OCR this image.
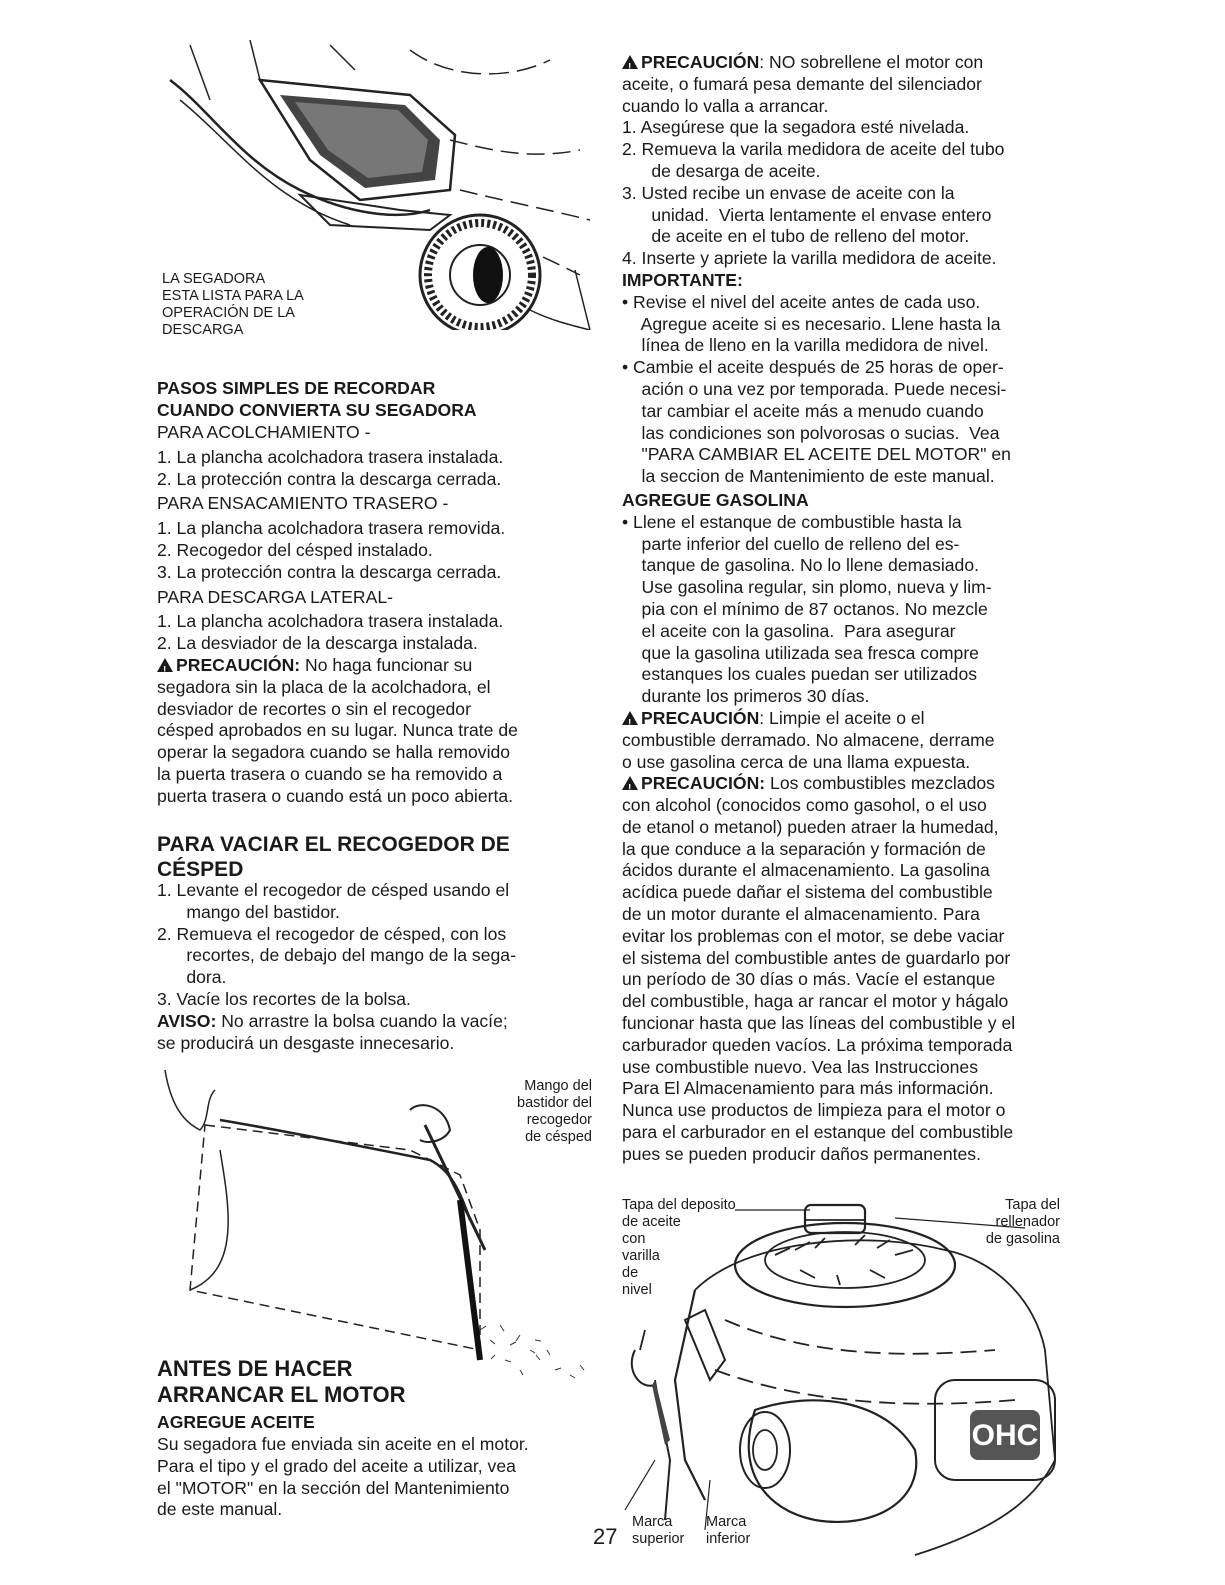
LA SEGADORA
ESTA LISTA PARA LA
OPERACIÓN DE LA
DESCARGA
PASOS SIMPLES DE RECORDAR
CUANDO CONVIERTA SU SEGADORA
PARA ACOLCHAMIENTO -
1. La plancha acolchadora trasera instalada.
2. La protección contra la descarga cerrada.
PARA ENSACAMIENTO TRASERO -
1. La plancha acolchadora trasera removida.
2. Recogedor del césped instalado.
3. La protección contra la descarga cerrada.
PARA DESCARGA LATERAL-
1. La plancha acolchadora trasera instalada.
2. La desviador de la descarga instalada.
!PRECAUCIÓN: No haga funcionar su
segadora sin la placa de la acolchadora, el
desviador de recortes o sin el recogedor
césped aprobados en su lugar. Nunca trate de
operar la segadora cuando se halla removido
la puerta trasera o cuando se ha removido a
puerta trasera o cuando está un poco abierta.
PARA VACIAR EL RECOGEDOR DE
CÉSPED
1. Levante el recogedor de césped usando el
mango del bastidor.
2. Remueva el recogedor de césped, con los
recortes, de debajo del mango de la sega-
dora.
3. Vacíe los recortes de la bolsa.
AVISO: No arrastre la bolsa cuando la vacíe;
se producirá un desgaste innecesario.
Mango del
bastidor del
recogedor
de césped
ANTES DE HACER
ARRANCAR EL MOTOR
AGREGUE ACEITE
Su segadora fue enviada sin aceite en el motor.
Para el tipo y el grado del aceite a utilizar, vea
el "MOTOR" en la sección del Mantenimiento
de este manual.
!PRECAUCIÓN: NO sobrellene el motor con
aceite, o fumará pesa demante del silenciador
cuando lo valla a arrancar.
1. Asegúrese que la segadora esté nivelada.
2. Remueva la varila medidora de aceite del tubo
de desarga de aceite.
3. Usted recibe un envase de aceite con la
unidad.  Vierta lentamente el envase entero
de aceite en el tubo de relleno del motor.
4. Inserte y apriete la varilla medidora de aceite.
IMPORTANTE:
• Revise el nivel del aceite antes de cada uso.
Agregue aceite si es necesario. Llene hasta la
línea de lleno en la varilla medidora de nivel.
• Cambie el aceite después de 25 horas de oper-
ación o una vez por temporada. Puede necesi-
tar cambiar el aceite más a menudo cuando
las condiciones son polvorosas o sucias.  Vea
"PARA CAMBIAR EL ACEITE DEL MOTOR" en
la seccion de Mantenimiento de este manual.
AGREGUE GASOLINA
• Llene el estanque de combustible hasta la
parte inferior del cuello de relleno del es-
tanque de gasolina. No lo llene demasiado.
Use gasolina regular, sin plomo, nueva y lim-
pia con el mínimo de 87 octanos. No mezcle
el aceite con la gasolina.  Para asegurar
que la gasolina utilizada sea fresca compre
estanques los cuales puedan ser utilizados
durante los primeros 30 días.
!PRECAUCIÓN: Limpie el aceite o el
combustible derramado. No almacene, derrame
o use gasolina cerca de una llama expuesta.
!PRECAUCIÓN: Los combustibles mezclados
con alcohol (conocidos como gasohol, o el uso
de etanol o metanol) pueden atraer la humedad,
la que conduce a la separación y formación de
ácidos durante el almacenamiento. La gasolina
acídica puede dañar el sistema del combustible
de un motor durante el almacenamiento. Para
evitar los problemas con el motor, se debe vaciar
el sistema del combustible antes de guardarlo por
un período de 30 días o más. Vacíe el estanque
del combustible, haga ar rancar el motor y hágalo
funcionar hasta que las líneas del combustible y el
carburador queden vacíos. La próxima temporada
use combustible nuevo. Vea las Instrucciones
Para El Almacenamiento para más información.
Nunca use productos de limpieza para el motor o
para el carburador en el estanque del combustible
pues se pueden producir daños permanentes.
OHC
Tapa del deposito
de aceite
con
varilla
de
nivel
Tapa del
rellenador
de gasolina
Marca
superior
Marca
inferior
27
